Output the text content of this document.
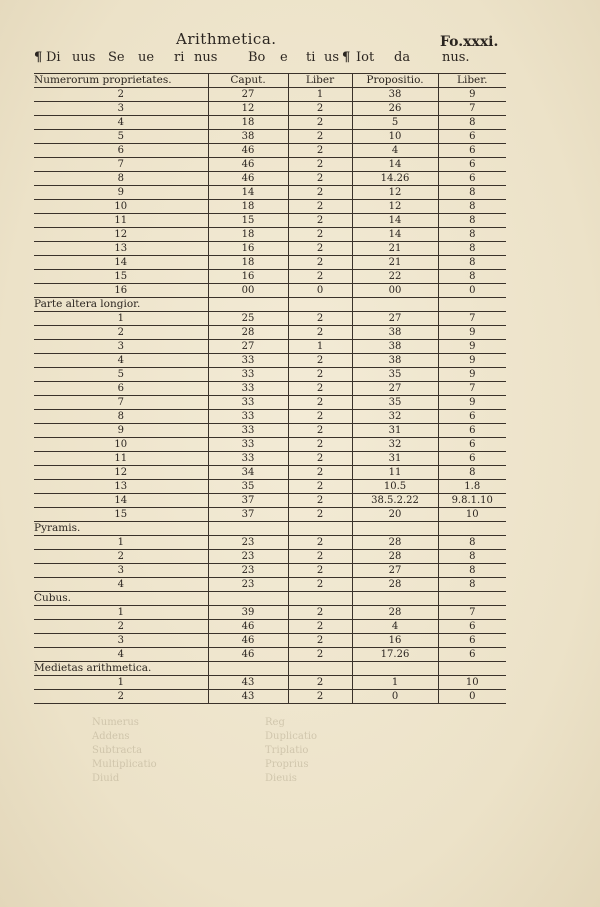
Arithmetica.	Fo.xxxi.
¶ Di uus Se ue ri nus Bo e ti us ¶ Iot da nus.
Numerorum proprietates.	Caput.	Liber	Propositio.	Liber.
2	27	1	38	9
3	12	2	26	7
4	18	2	5	8
5	38	2	10	6
6	46	2	4	6
7	46	2	14	6
8	46	2	14.26	6
9	14	2	12	8
10	18	2	12	8
11	15	2	14	8
12	18	2	14	8
13	16	2	21	8
14	18	2	21	8
15	16	2	22	8
16	00	0	00	0
Parte altera longior.				
1	25	2	27	7
2	28	2	38	9
3	27	1	38	9
4	33	2	38	9
5	33	2	35	9
6	33	2	27	7
7	33	2	35	9
8	33	2	32	6
9	33	2	31	6
10	33	2	32	6
11	33	2	31	6
12	34	2	11	8
13	35	2	10.5	1.8
14	37	2	38.5.2.22	9.8.1.10
15	37	2	20	10
Pyramis.				
1	23	2	28	8
2	23	2	28	8
3	23	2	27	8
4	23	2	28	8
Cubus.				
1	39	2	28	7
2	46	2	4	6
3	46	2	16	6
4	46	2	17.26	6
Medietas arithmetica.				
1	43	2	1	10
2	43	2	0	0
Numerus
Addens
Subtracta
Multiplicatio
Diuid
Reg
Duplicatio
Triplatio
Proprius
Dieuis
